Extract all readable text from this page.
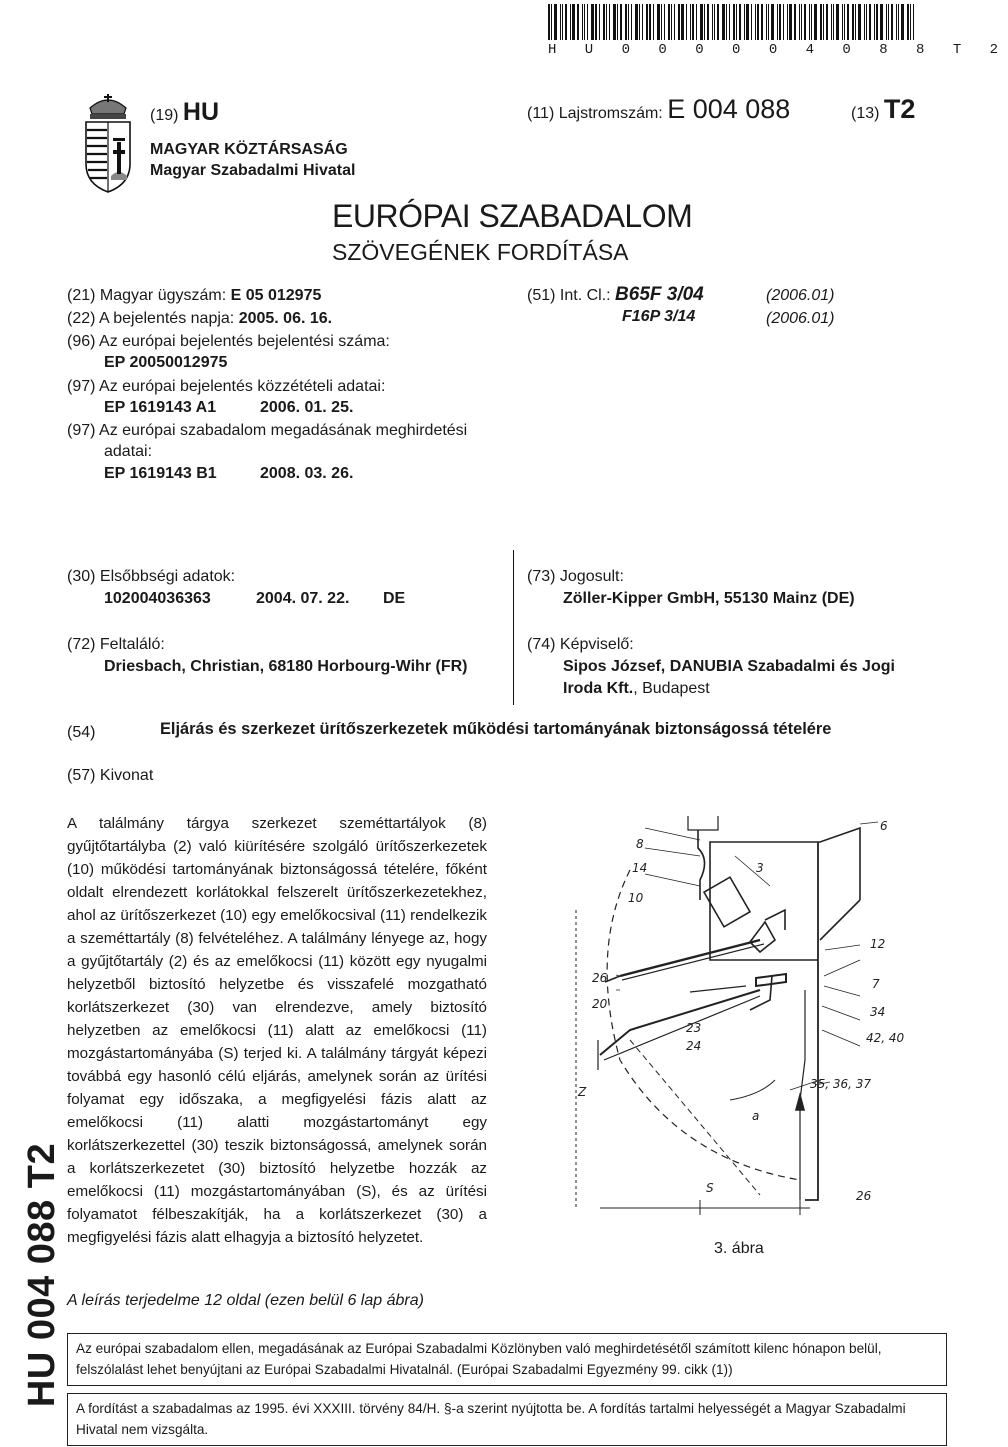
H U 0 0 0 0 0 4 0 8 8 T 2
(19) HU	(11) Lajstromszám: E 004 088	(13) T2
MAGYAR KÖZTÁRSASÁG
Magyar Szabadalmi Hivatal
EURÓPAI SZABADALOM
SZÖVEGÉNEK FORDÍTÁSA
(21) Magyar ügyszám: E 05 012975
(22) A bejelentés napja: 2005. 06. 16.
(96) Az európai bejelentés bejelentési száma:
EP 20050012975
(97) Az európai bejelentés közzétételi adatai:
EP 1619143 A1	2006. 01. 25.
(97) Az európai szabadalom megadásának meghirdetési
adatai:
EP 1619143 B1	2008. 03. 26.
(51) Int. Cl.: B65F 3/04	(2006.01)
F16P 3/14	(2006.01)
(30) Elsőbbségi adatok:
102004036363	2004. 07. 22. DE
(72) Feltaláló:
Driesbach, Christian, 68180 Horbourg-Wihr (FR)
(73) Jogosult:
Zöller-Kipper GmbH, 55130 Mainz (DE)
(74) Képviselő:
Sipos József, DANUBIA Szabadalmi és Jogi
Iroda Kft., Budapest
(54)	Eljárás és szerkezet ürítőszerkezetek működési tartományának biztonságossá tételére
(57) Kivonat
A találmány tárgya szerkezet szeméttartályok (8) gyűjtőtartályba (2) való kiürítésére szolgáló ürítőszerkezetek (10) működési tartományának biztonságossá tételére, főként oldalt elrendezett korlátokkal felszerelt ürítőszerkezetekhez, ahol az ürítőszerkezet (10) egy emelőkocsival (11) rendelkezik a szeméttartály (8) felvételéhez. A találmány lényege az, hogy a gyűjtőtartály (2) és az emelőkocsi (11) között egy nyugalmi helyzetből biztosító helyzetbe és visszafelé mozgatható korlátszerkezet (30) van elrendezve, amely biztosító helyzetben az emelőkocsi (11) alatt az emelőkocsi (11) mozgástartományába (S) terjed ki. A találmány tárgyát képezi továbbá egy hasonló célú eljárás, amelynek során az ürítési folyamat egy időszaka, a megfigyelési fázis alatt az emelőkocsi (11) alatti mozgástartományt egy korlátszerkezettel (30) teszik biztonságossá, amelynek során a korlátszerkezetet (30) biztosító helyzetbe hozzák az emelőkocsi (11) mozgástartományában (S), és az ürítési folyamatot félbeszakítják, ha a korlátszerkezet (30) a megfigyelési fázis alatt elhagyja a biztosító helyzetet.
A leírás terjedelme 12 oldal (ezen belül 6 lap ábra)
HU 004 088 T2
8
14
10
3
6
12
26
20
7
34
23
24
42, 40
Z
35, 36, 37
a
S
26
3. ábra
Az európai szabadalom ellen, megadásának az Európai Szabadalmi Közlönyben való meghirdetésétől számított kilenc hónapon belül, felszólalást lehet benyújtani az Európai Szabadalmi Hivatalnál. (Európai Szabadalmi Egyezmény 99. cikk (1))
A fordítást a szabadalmas az 1995. évi XXXIII. törvény 84/H. §-a szerint nyújtotta be. A fordítás tartalmi helyességét a Magyar Szabadalmi Hivatal nem vizsgálta.
